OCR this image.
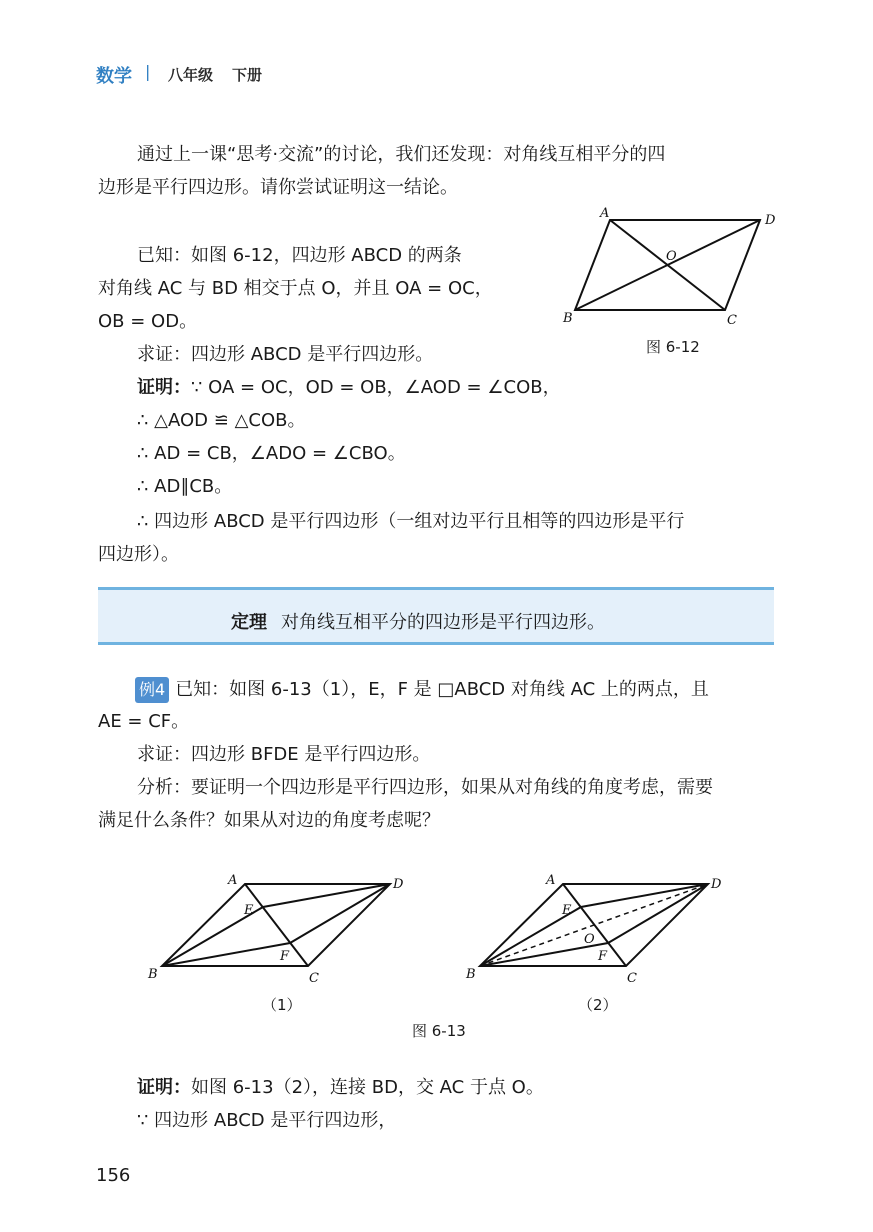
数学 | 八年级 下册
通过上一课“思考·交流”的讨论，我们还发现：对角线互相平分的四
边形是平行四边形。请你尝试证明这一结论。
已知：如图 6-12，四边形 ABCD 的两条
对角线 AC 与 BD 相交于点 O，并且 OA = OC，
OB = OD。
求证：四边形 ABCD 是平行四边形。
A	D
O
B	C
图 6-12
证明：∵ OA = OC，OD = OB，∠AOD = ∠COB，
∴ △AOD ≌ △COB。
∴ AD = CB，∠ADO = ∠CBO。
∴ AD∥CB。
∴ 四边形 ABCD 是平行四边形（一组对边平行且相等的四边形是平行
四边形）。
定理 对角线互相平分的四边形是平行四边形。
例4 已知：如图 6-13（1），E，F 是 □ABCD 对角线 AC 上的两点，且
AE = CF。
求证：四边形 BFDE 是平行四边形。
分析：要证明一个四边形是平行四边形，如果从对角线的角度考虑，需要
满足什么条件？如果从对边的角度考虑呢？
A	D
E
F
B	C
（1）
A	D
E
O
F
B	C
（2）
图 6-13
证明：如图 6-13（2），连接 BD，交 AC 于点 O。
∵ 四边形 ABCD 是平行四边形，
156
